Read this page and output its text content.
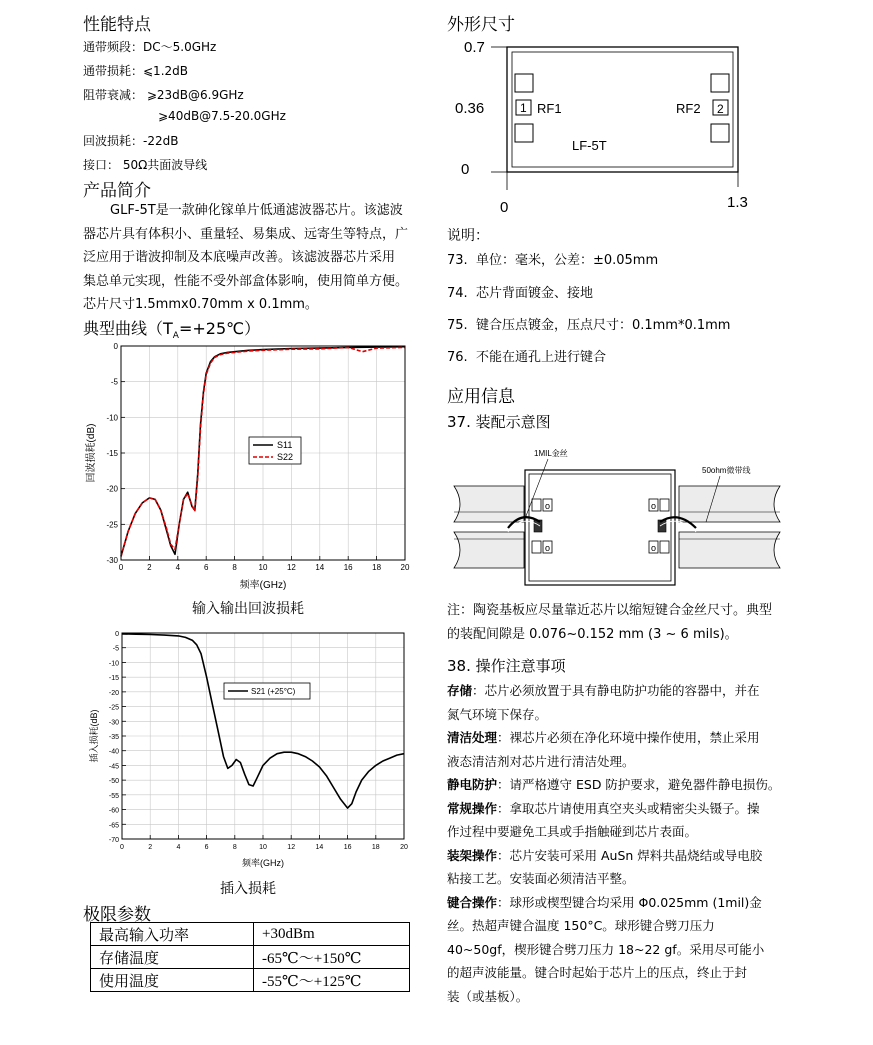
性能特点
通带频段：DC～5.0GHz
通带损耗：⩽1.2dB
阻带衰减： ⩾23dB@6.9GHz
⩾40dB@7.5-20.0GHz
回波损耗：-22dB
接口： 50Ω共面波导线
产品简介
GLF-5T是一款砷化镓单片低通滤波器芯片。该滤波
器芯片具有体积小、重量轻、易集成、远寄生等特点，广
泛应用于谐波抑制及本底噪声改善。该滤波器芯片采用
集总单元实现，性能不受外部盒体影响，使用简单方便。
芯片尺寸1.5mmx0.70mm x 0.1mm。
典型曲线$(T_A=+25℃)$
0	2	4	6	8	10 12 14 16 18 20
0
-5
-10
-15
-20
-25
-30
频率(GHz)
回波损耗(dB)	S11
S22
输入输出回波损耗
0	2	4	6	8	10	12	14	16	18	20
0
-5
-10
-15
-20
-25
-30
-35
-40
-45
-50
-55
-60
-65
-70
频率(GHz)
插入损耗(dB)
S21 (+25°C)
插入损耗
极限参数
最高输入功率	+30dBm
存储温度	-65℃～+150℃
使用温度	-55℃～+125℃
外形尺寸
0.7
0.36
0
0	1.3
1	2
RF1	RF2
LF-5T
说明：
73. 单位：毫米，公差：±0.05mm
74. 芯片背面镀金、接地
75. 键合压点镀金，压点尺寸：0.1mm*0.1mm
76. 不能在通孔上进行键合
应用信息
37. 装配示意图
o
o
o
o
1MIL金丝
50ohm微带线
注：陶瓷基板应尽量靠近芯片以缩短键合金丝尺寸。典型
的装配间隙是 0.076~0.152 mm (3 ~ 6 mils)。
38. 操作注意事项
存储：芯片必须放置于具有静电防护功能的容器中，并在
氮气环境下保存。
清洁处理：裸芯片必须在净化环境中操作使用，禁止采用
液态清洁剂对芯片进行清洁处理。
静电防护：请严格遵守 ESD 防护要求，避免器件静电损伤。
常规操作：拿取芯片请使用真空夹头或精密尖头镊子。操
作过程中要避免工具或手指触碰到芯片表面。
装架操作：芯片安装可采用 AuSn 焊料共晶烧结或导电胶
粘接工艺。安装面必须清洁平整。
键合操作：球形或楔型键合均采用 Φ0.025mm (1mil)金
丝。热超声键合温度 150°C。球形键合劈刀压力
40~50gf，楔形键合劈刀压力 18~22 gf。采用尽可能小
的超声波能量。键合时起始于芯片上的压点，终止于封
装（或基板）。
